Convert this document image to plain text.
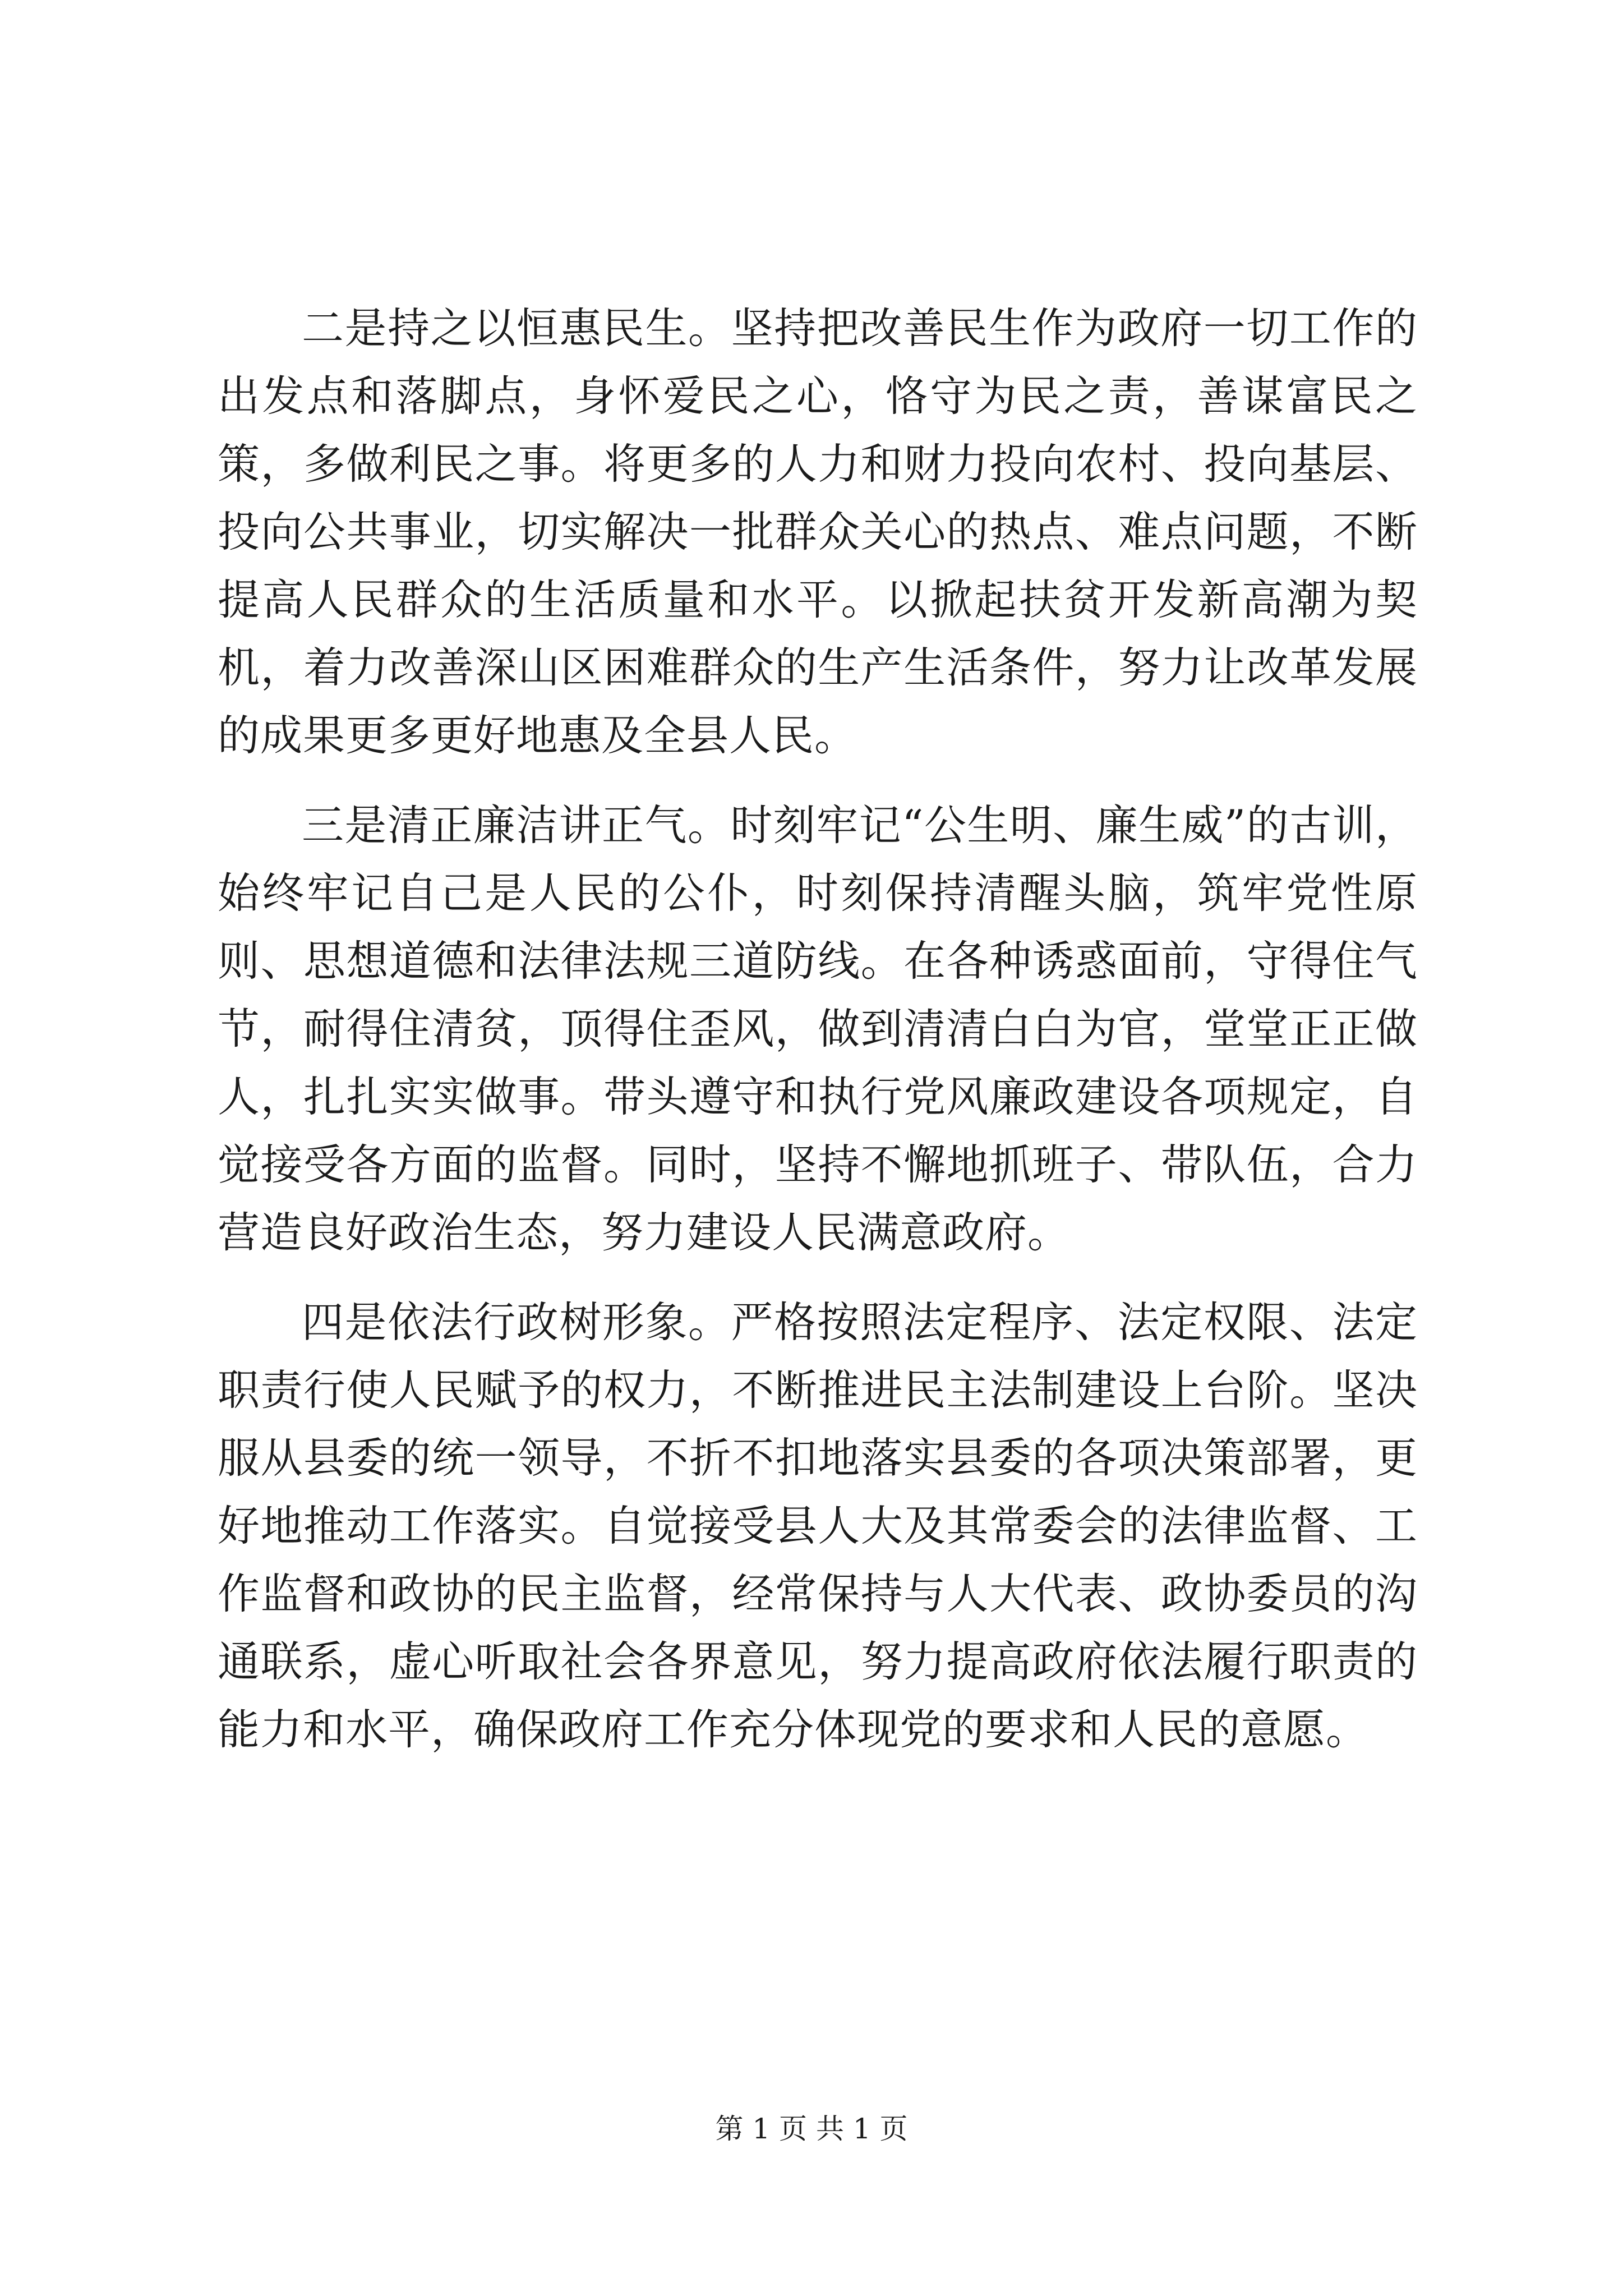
二是持之以恒惠民生。坚持把改善民生作为政府一切工作的出发点和落脚点，身怀爱民之心，恪守为民之责，善谋富民之策，多做利民之事。将更多的人力和财力投向农村、投向基层、投向公共事业，切实解决一批群众关心的热点、难点问题，不断提高人民群众的生活质量和水平。以掀起扶贫开发新高潮为契机，着力改善深山区困难群众的生产生活条件，努力让改革发展的成果更多更好地惠及全县人民。

三是清正廉洁讲正气。时刻牢记“公生明、廉生威”的古训，始终牢记自己是人民的公仆，时刻保持清醒头脑，筑牢党性原则、思想道德和法律法规三道防线。在各种诱惑面前，守得住气节，耐得住清贫，顶得住歪风，做到清清白白为官，堂堂正正做人，扎扎实实做事。带头遵守和执行党风廉政建设各项规定，自觉接受各方面的监督。同时，坚持不懈地抓班子、带队伍，合力营造良好政治生态，努力建设人民满意政府。

四是依法行政树形象。严格按照法定程序、法定权限、法定职责行使人民赋予的权力，不断推进民主法制建设上台阶。坚决服从县委的统一领导，不折不扣地落实县委的各项决策部署，更好地推动工作落实。自觉接受县人大及其常委会的法律监督、工作监督和政协的民主监督，经常保持与人大代表、政协委员的沟通联系，虚心听取社会各界意见，努力提高政府依法履行职责的能力和水平，确保政府工作充分体现党的要求和人民的意愿。

第 1 页 共 1 页
